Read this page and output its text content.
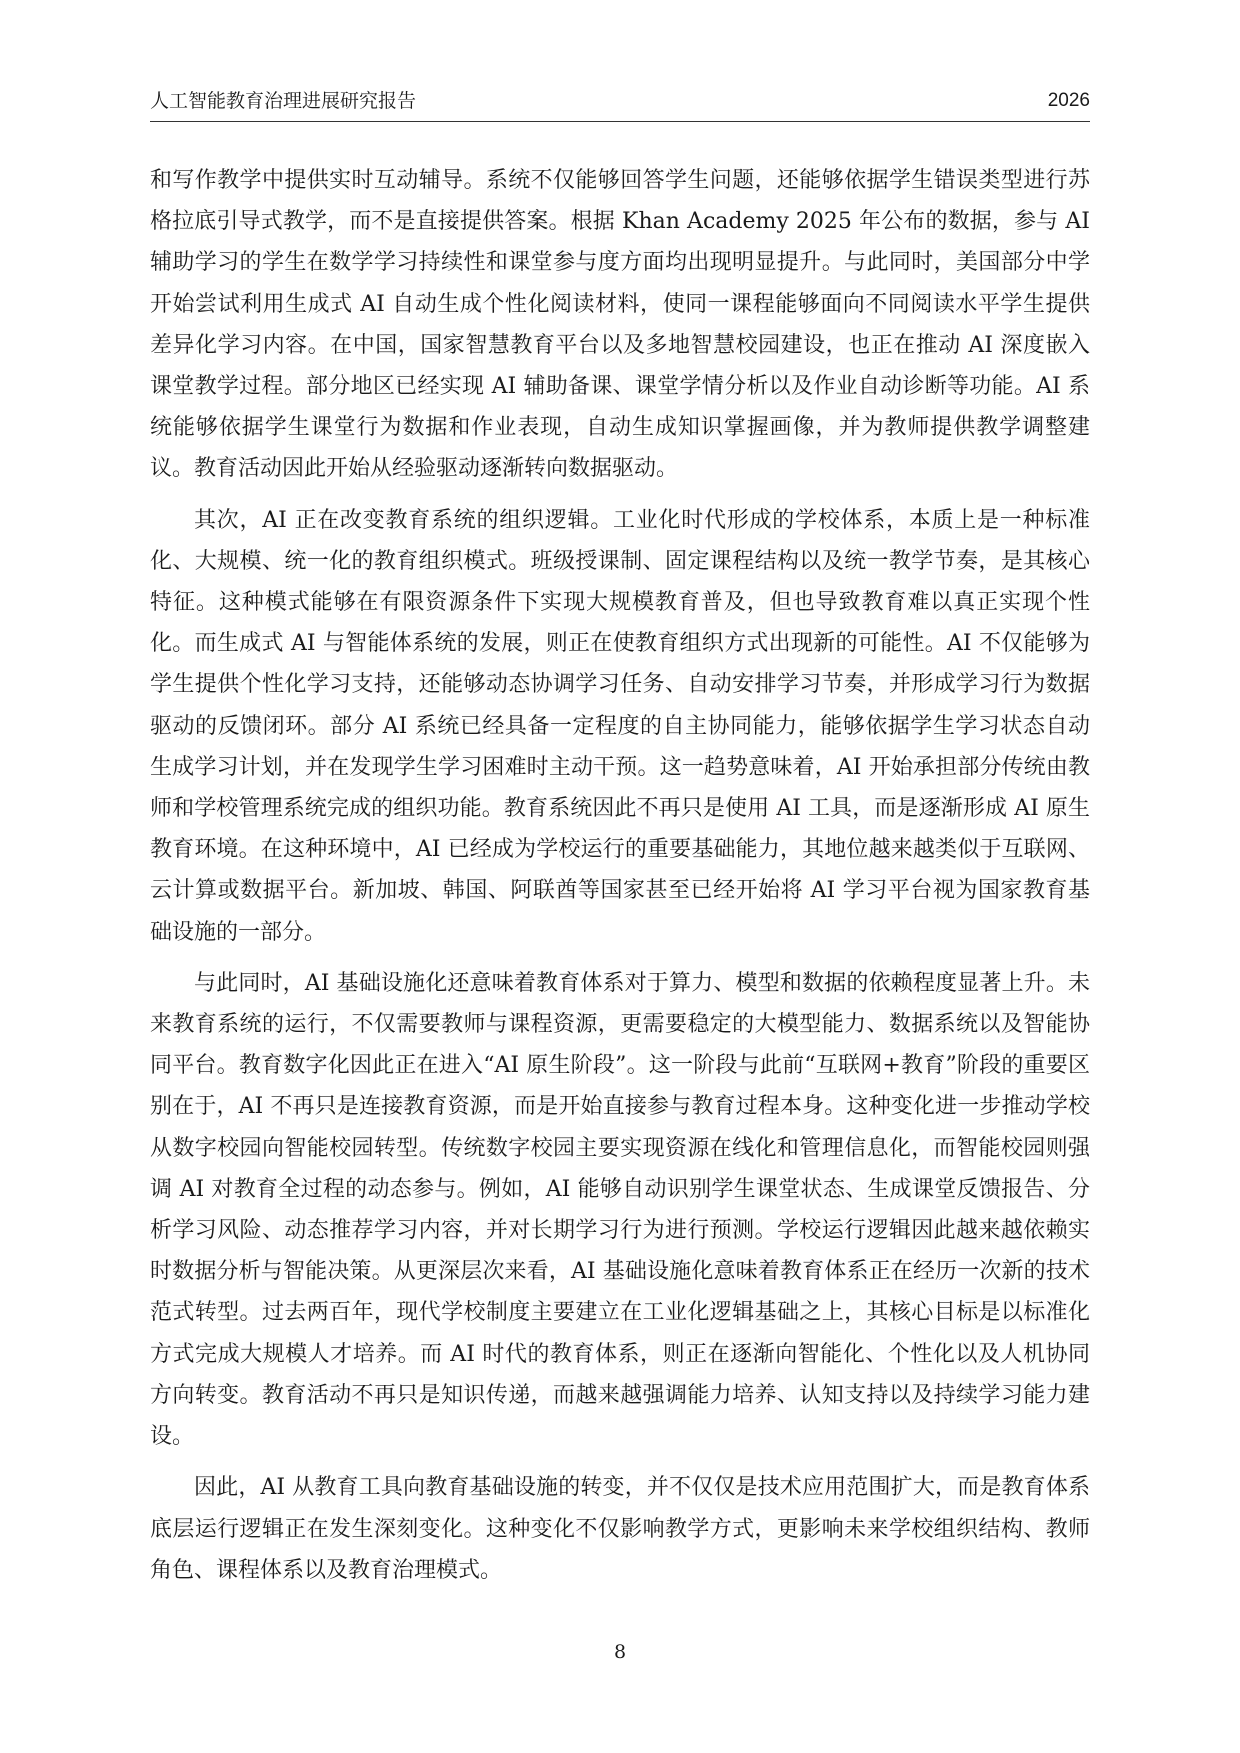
人工智能教育治理进展研究报告	2026

和写作教学中提供实时互动辅导。系统不仅能够回答学生问题，还能够依据学生错误类型进行苏格拉底引导式教学，而不是直接提供答案。根据 Khan Academy 2025 年公布的数据，参与 AI 辅助学习的学生在数学学习持续性和课堂参与度方面均出现明显提升。与此同时，美国部分中学开始尝试利用生成式 AI 自动生成个性化阅读材料，使同一课程能够面向不同阅读水平学生提供差异化学习内容。在中国，国家智慧教育平台以及多地智慧校园建设，也正在推动 AI 深度嵌入课堂教学过程。部分地区已经实现 AI 辅助备课、课堂学情分析以及作业自动诊断等功能。AI 系统能够依据学生课堂行为数据和作业表现，自动生成知识掌握画像，并为教师提供教学调整建议。教育活动因此开始从经验驱动逐渐转向数据驱动。

其次，AI 正在改变教育系统的组织逻辑。工业化时代形成的学校体系，本质上是一种标准化、大规模、统一化的教育组织模式。班级授课制、固定课程结构以及统一教学节奏，是其核心特征。这种模式能够在有限资源条件下实现大规模教育普及，但也导致教育难以真正实现个性化。而生成式 AI 与智能体系统的发展，则正在使教育组织方式出现新的可能性。AI 不仅能够为学生提供个性化学习支持，还能够动态协调学习任务、自动安排学习节奏，并形成学习行为数据驱动的反馈闭环。部分 AI 系统已经具备一定程度的自主协同能力，能够依据学生学习状态自动生成学习计划，并在发现学生学习困难时主动干预。这一趋势意味着，AI 开始承担部分传统由教师和学校管理系统完成的组织功能。教育系统因此不再只是使用 AI 工具，而是逐渐形成 AI 原生教育环境。在这种环境中，AI 已经成为学校运行的重要基础能力，其地位越来越类似于互联网、云计算或数据平台。新加坡、韩国、阿联酋等国家甚至已经开始将 AI 学习平台视为国家教育基础设施的一部分。

与此同时，AI 基础设施化还意味着教育体系对于算力、模型和数据的依赖程度显著上升。未来教育系统的运行，不仅需要教师与课程资源，更需要稳定的大模型能力、数据系统以及智能协同平台。教育数字化因此正在进入“AI 原生阶段”。这一阶段与此前“互联网+教育”阶段的重要区别在于，AI 不再只是连接教育资源，而是开始直接参与教育过程本身。这种变化进一步推动学校从数字校园向智能校园转型。传统数字校园主要实现资源在线化和管理信息化，而智能校园则强调 AI 对教育全过程的动态参与。例如，AI 能够自动识别学生课堂状态、生成课堂反馈报告、分析学习风险、动态推荐学习内容，并对长期学习行为进行预测。学校运行逻辑因此越来越依赖实时数据分析与智能决策。从更深层次来看，AI 基础设施化意味着教育体系正在经历一次新的技术范式转型。过去两百年，现代学校制度主要建立在工业化逻辑基础之上，其核心目标是以标准化方式完成大规模人才培养。而 AI 时代的教育体系，则正在逐渐向智能化、个性化以及人机协同方向转变。教育活动不再只是知识传递，而越来越强调能力培养、认知支持以及持续学习能力建设。

因此，AI 从教育工具向教育基础设施的转变，并不仅仅是技术应用范围扩大，而是教育体系底层运行逻辑正在发生深刻变化。这种变化不仅影响教学方式，更影响未来学校组织结构、教师角色、课程体系以及教育治理模式。

8
